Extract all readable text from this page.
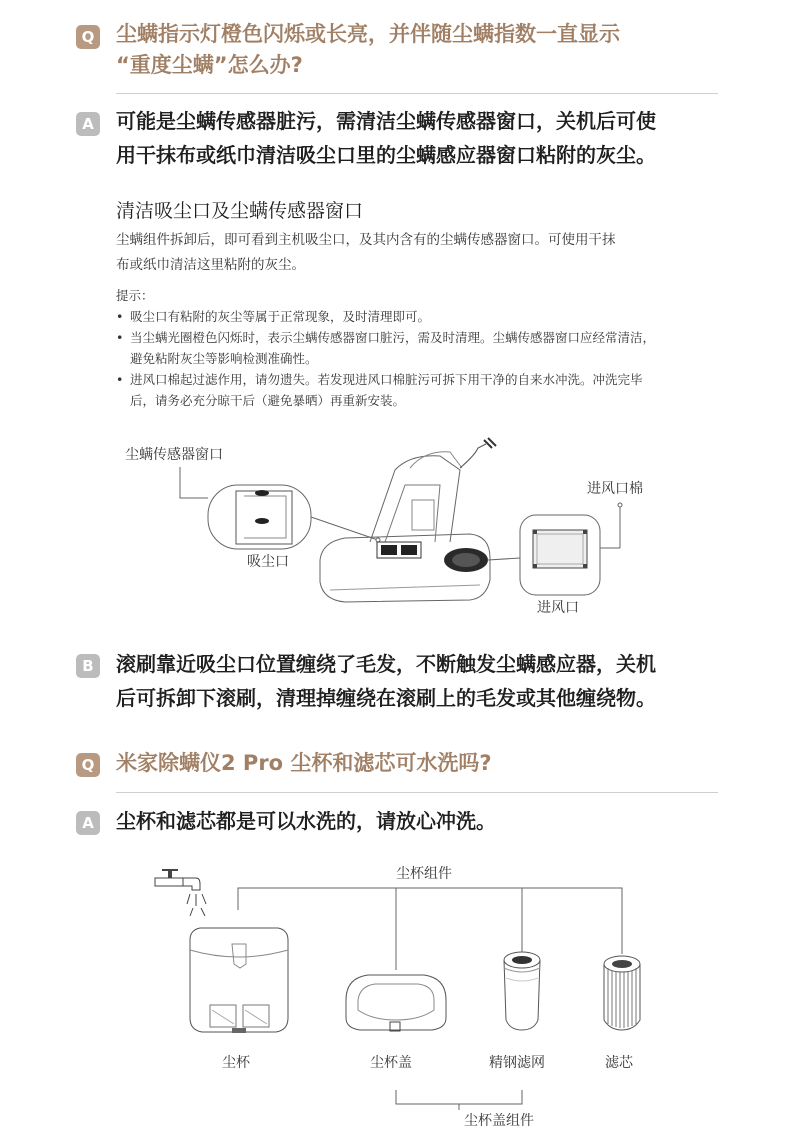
Q 尘螨指示灯橙色闪烁或长亮，并伴随尘螨指数一直显示
“重度尘螨”怎么办?
A	可能是尘螨传感器脏污，需清洁尘螨传感器窗口，关机后可使
用干抹布或纸巾清洁吸尘口里的尘螨感应器窗口粘附的灰尘。
清洁吸尘口及尘螨传感器窗口
尘螨组件拆卸后，即可看到主机吸尘口，及其内含有的尘螨传感器窗口。可使用干抹
布或纸巾清洁这里粘附的灰尘。
提示：
• 吸尘口有粘附的灰尘等属于正常现象，及时清理即可。
• 当尘螨光圈橙色闪烁时，表示尘螨传感器窗口脏污，需及时清理。尘螨传感器窗口应经常清洁，
避免粘附灰尘等影响检测准确性。
• 进风口棉起过滤作用，请勿遗失。若发现进风口棉脏污可拆下用干净的自来水冲洗。冲洗完毕
后，请务必充分晾干后（避免暴晒）再重新安装。
尘螨传感器窗口
吸尘口
进风口棉
进风口
B	滚刷靠近吸尘口位置缠绕了毛发，不断触发尘螨感应器，关机
后可拆卸下滚刷，清理掉缠绕在滚刷上的毛发或其他缠绕物。
Q 米家除螨仪2 Pro 尘杯和滤芯可水洗吗?
A	尘杯和滤芯都是可以水洗的，请放心冲洗。
尘杯组件
尘杯	尘杯盖	精钢滤网	滤芯
尘杯盖组件
